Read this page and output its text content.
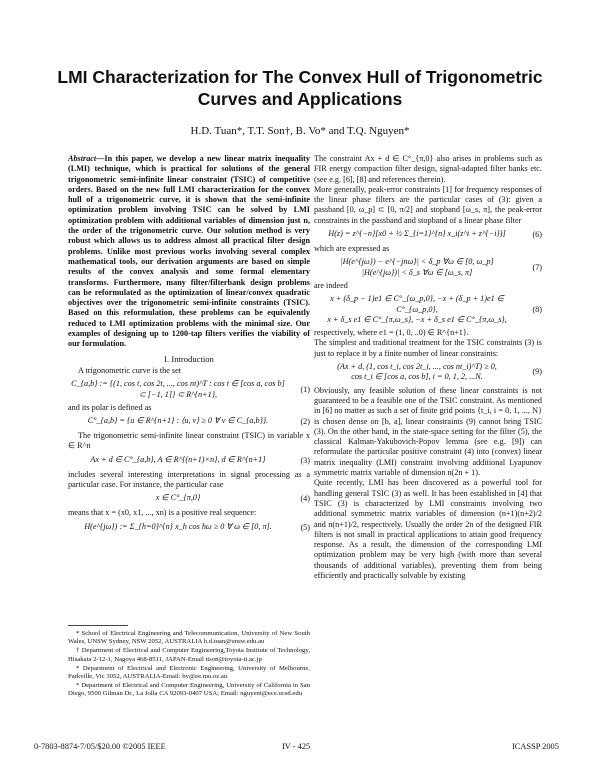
LMI Characterization for The Convex Hull of Trigonometric
Curves and Applications
H.D. Tuan*, T.T. Son†, B. Vo* and T.Q. Nguyen*

Abstract—In this paper, we develop a new linear matrix inequality (LMI) technique, which is practical for solutions of the general trigonometric semi-infinite linear constraint (TSIC) of competitive orders. Based on the new full LMI characterization for the convex hull of a trigonometric curve, it is shown that the semi-infinite optimization problem involving TSIC can be solved by LMI optimization problem with additional variables of dimension just n, the order of the trigonometric curve. Our solution method is very robust which allows us to address almost all practical filter design problems. Unlike most previous works involving several complex mathematical tools, our derivation arguments are based on simple results of the convex analysis and some formal elementary transforms. Furthermore, many filter/filterbank design problems can be reformulated as the optimization of linear/convex quadratic objectives over the trigonometric semi-infinite constraints (TSIC). Based on this reformulation, these problems can be equivalently reduced to LMI optimization problems with the minimal size. Our examples of designing up to 1200-tap filters verifies the viability of our formulation.

I. Introduction

A trigonometric curve is the set

C_{a,b} := {(1, cos t, cos 2t, ..., cos nt)^T : cos t ∈ [cos a, cos b] ⊂ [−1, 1]} ⊂ R^{n+1},
(1)

and its polar is defined as

C°_{a,b} = {u ∈ R^{n+1} : ⟨u, v⟩ ≥ 0 ∀ v ∈ C_{a,b}}.	(2)

The trigonometric semi-infinite linear constraint (TSIC) in variable x ∈ R^n

Ax + d ∈ C°_{a,b}, A ∈ R^{(n+1)×n}, d ∈ R^{n+1}	(3)

includes several interesting interpretations in signal processing as a particular case. For instance, the particular case

x ∈ C°_{π,0}	(4)

means that x = (x0, x1, ..., xn) is a positive real sequence:

H(e^{jω}) := Σ_{h=0}^{n} x_h cos hω ≥ 0 ∀ ω ∈ [0, π].	(5)

* School of Electrical Engineering and Telecommunication, University of New South Wales, UNSW Sydney, NSW 2052, AUSTRALIA h.d.tuan@unsw.edu.au

† Department of Electrical and Computer Engineering,Toyota Institute of Technology, Hisakata 2-12-1, Nagoya 468-8511, JAPAN-Email ttson@toyota-ti.ac.jp

* Department of Electrical and Electronic Engineering, University of Melbourne, Parkville, Vic 3052, AUSTRALIA-Email: bv@ee.mu.oz.au

* Department of Electrical and Computer Engineering, University of California in San Diego, 9500 Gilman Dr., La Jolla CA 92093-0407 USA; Email: nguyent@ece.ucsd.edu

The constraint Ax + d ∈ C°_{π,0} also arises in problems such as FIR energy compaction filter design, signal-adapted filter banks etc. (see e.g. [6], [8] and references therein).

More generally, peak-error constraints [1] for frequency responses of the linear phase filters are the particular cases of (3): given a passband [0, ω_p] ⊂ [0, π/2] and stopband [ω_s, π], the peak-error constraints in the passband and stopband of a linear phase filter

H(z) = z^{−n}[x0 + ½ Σ_{i=1}^{n} x_i(z^i + z^{−i})]	(6)

which are expressed as

|H(e^{jω}) − e^{−jnω}| < δ_p ∀ω ∈ [0, ω_p]
|H(e^{jω})| < δ_s ∀ω ∈ [ω_s, π]
(7)

are indeed

x + (δ_p − 1)e1 ∈ C°_{ω_p,0}, −x + (δ_p + 1)e1 ∈ C°_{ω_p,0},
x + δ_s e1 ∈ C°_{π,ω_s}, −x + δ_s e1 ∈ C°_{π,ω_s},
(8)

respectively, where e1 = (1, 0, ..0) ∈ R^{n+1}.

The simplest and traditional treatment for the TSIC constraints (3) is just to replace it by a finite number of linear constraints:

(Ax + d, (1, cos t_i, cos 2t_i, ..., cos nt_i)^T) ≥ 0,
cos t_i ∈ [cos a, cos b], i = 0, 1, 2, ...N.
(9)

Obviously, any feasible solution of these linear constraints is not guaranteed to be a feasible one of the TSIC constraint. As mentioned in [6] no matter as such a set of finite grid points {t_i, i = 0, 1, ..., N} is chosen dense on [b, a], linear constraints (9) cannot bring TSIC (3). On the other hand, in the state-space setting for the filter (5), the classical Kalman-Yakubovich-Popov lemma (see e.g. [9]) can reformulate the particular positive constraint (4) into (convex) linear matrix inequality (LMI) constraint involving additional Lyapunov symmetric matrix variable of dimension n(2n + 1).

Quite recently, LMI has been discovered as a powerful tool for handling general TSIC (3) as well. It has been established in [4] that TSIC (3) is characterized by LMI constraints involving two additional symmetric matrix variables of dimension (n+1)(n+2)/2 and n(n+1)/2, respectively. Usually the order 2n of the designed FIR filters is not small in practical applications to attain good frequency response. As a result, the dimension of the corresponding LMI optimization problem may be very high (with more than several thousands of additional variables), preventing them from being efficiently and practically solvable by existing

0-7803-8874-7/05/$20.00 ©2005 IEEE	IV - 425	ICASSP 2005
